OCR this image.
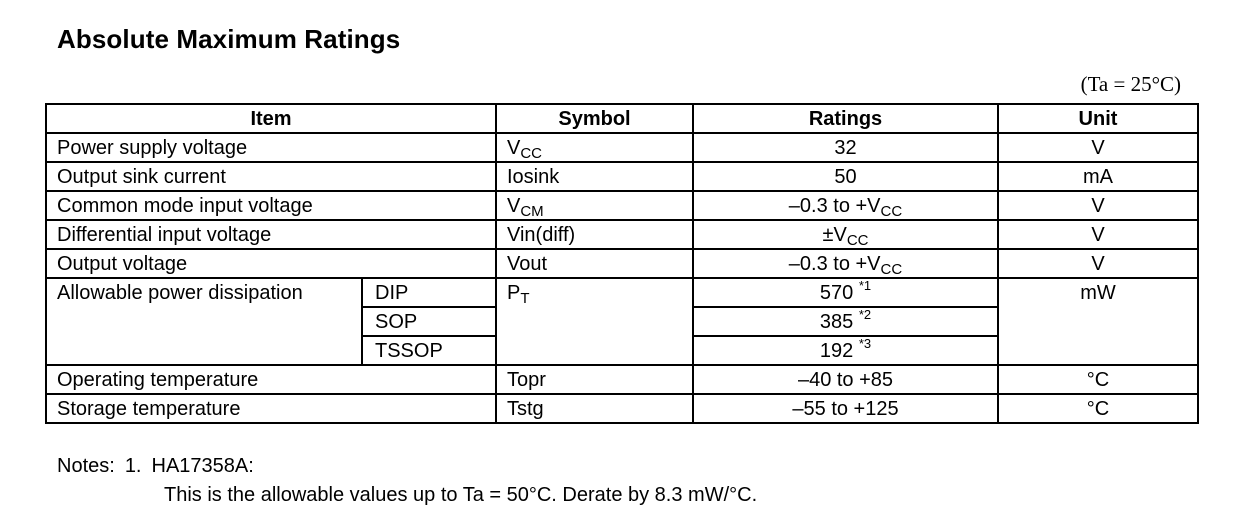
Absolute Maximum Ratings
(Ta = 25°C)
Item		Symbol	Ratings	Unit
Power supply voltage		$V_{CC}$	32	V
Output sink current		Iosink	50	mA
Common mode input voltage		$V_{CM}$	–0.3 to $+V_{CC}$	V
Differential input voltage		Vin(diff)	$\pm V_{CC}$	V
Output voltage		Vout	–0.3 to $+V_{CC}$	V
Allowable power dissipation	DIP	$P_T$	570 $^{*1}$	mW
	SOP		385 $^{*2}$
	TSSOP		192 $^{*3}$
Operating temperature		Topr	–40 to +85	°C
Storage temperature		Tstg	–55 to +125	°C
Notes: 1. HA17358A:
This is the allowable values up to Ta = 50°C. Derate by 8.3 mW/°C.
